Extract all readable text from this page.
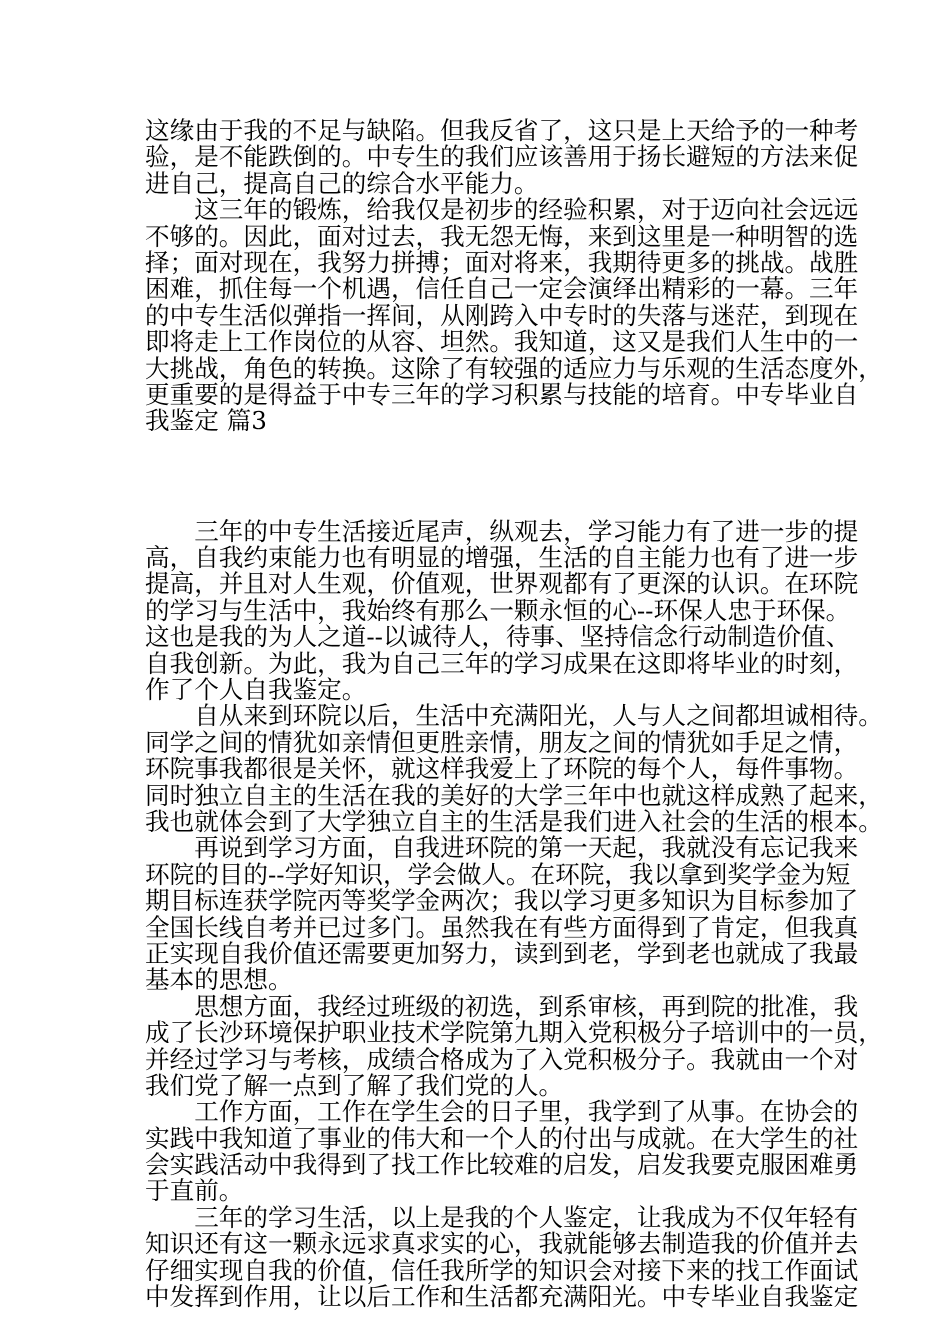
这缘由于我的不足与缺陷。但我反省了，这只是上天给予的一种考
验，是不能跌倒的。中专生的我们应该善用于扬长避短的方法来促
进自己，提高自己的综合水平能力。
　　这三年的锻炼，给我仅是初步的经验积累，对于迈向社会远远
不够的。因此，面对过去，我无怨无悔，来到这里是一种明智的选
择；面对现在，我努力拼搏；面对将来，我期待更多的挑战。战胜
困难，抓住每一个机遇，信任自己一定会演绎出精彩的一幕。三年
的中专生活似弹指一挥间，从刚跨入中专时的失落与迷茫，到现在
即将走上工作岗位的从容、坦然。我知道，这又是我们人生中的一
大挑战，角色的转换。这除了有较强的适应力与乐观的生活态度外，
更重要的是得益于中专三年的学习积累与技能的培育。中专毕业自
我鉴定 篇3
　　三年的中专生活接近尾声，纵观去，学习能力有了进一步的提
高，自我约束能力也有明显的增强，生活的自主能力也有了进一步
提高，并且对人生观，价值观，世界观都有了更深的认识。在环院
的学习与生活中，我始终有那么一颗永恒的心--环保人忠于环保。
这也是我的为人之道--以诚待人，待事、坚持信念行动制造价值、
自我创新。为此，我为自己三年的学习成果在这即将毕业的时刻，
作了个人自我鉴定。
　　自从来到环院以后，生活中充满阳光，人与人之间都坦诚相待。
同学之间的情犹如亲情但更胜亲情，朋友之间的情犹如手足之情，
环院事我都很是关怀，就这样我爱上了环院的每个人，每件事物。
同时独立自主的生活在我的美好的大学三年中也就这样成熟了起来，
我也就体会到了大学独立自主的生活是我们进入社会的生活的根本。
　　再说到学习方面，自我进环院的第一天起，我就没有忘记我来
环院的目的--学好知识，学会做人。在环院，我以拿到奖学金为短
期目标连获学院丙等奖学金两次；我以学习更多知识为目标参加了
全国长线自考并已过多门。虽然我在有些方面得到了肯定，但我真
正实现自我价值还需要更加努力，读到到老，学到老也就成了我最
基本的思想。
　　思想方面，我经过班级的初选，到系审核，再到院的批准，我
成了长沙环境保护职业技术学院第九期入党积极分子培训中的一员，
并经过学习与考核，成绩合格成为了入党积极分子。我就由一个对
我们党了解一点到了解了我们党的人。
　　工作方面，工作在学生会的日子里，我学到了从事。在协会的
实践中我知道了事业的伟大和一个人的付出与成就。在大学生的社
会实践活动中我得到了找工作比较难的启发，启发我要克服困难勇
于直前。
　　三年的学习生活，以上是我的个人鉴定，让我成为不仅年轻有
知识还有这一颗永远求真求实的心，我就能够去制造我的价值并去
仔细实现自我的价值，信任我所学的知识会对接下来的找工作面试
中发挥到作用，让以后工作和生活都充满阳光。中专毕业自我鉴定
